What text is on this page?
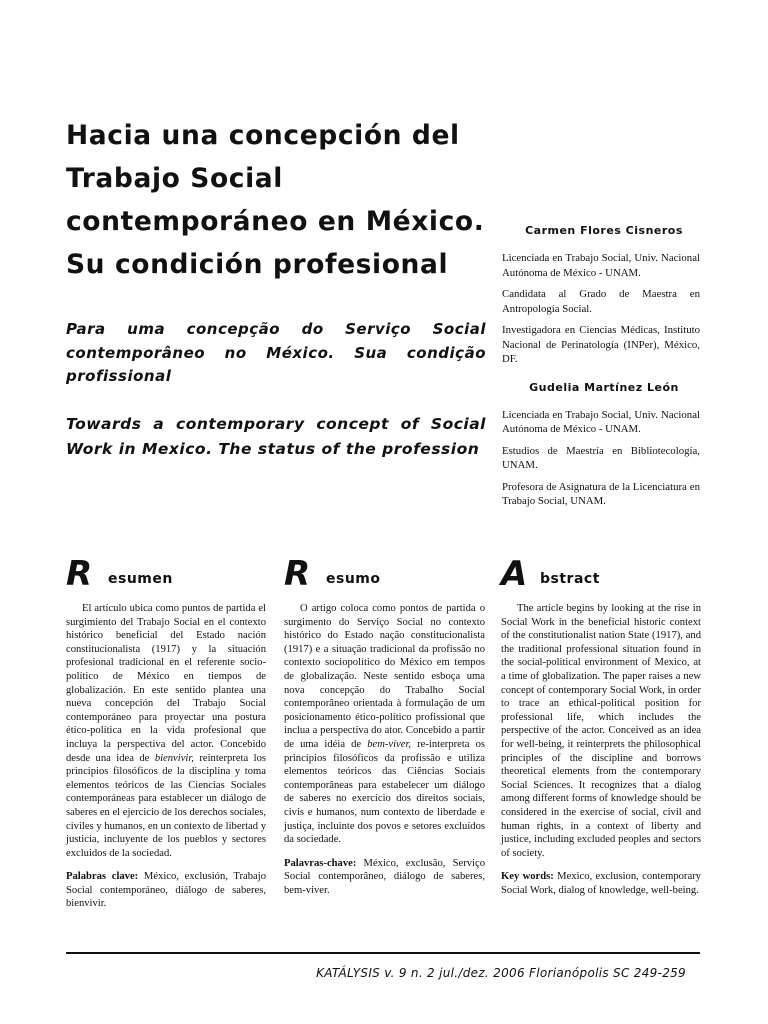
Hacia una concepción del Trabajo Social contemporáneo en México. Su condición profesional
Para uma concepção do Serviço Social contemporâneo no México. Sua condição profissional
Towards a contemporary concept of Social Work in Mexico. The status of the profession

Carmen Flores Cisneros

Licenciada en Trabajo Social, Univ. Nacional Autónoma de México - UNAM.

Candidata al Grado de Maestra en Antropología Social.

Investigadora en Ciencias Médicas, Instituto Nacional de Perinatología (INPer), México, DF.

Gudelia Martínez León

Licenciada en Trabajo Social, Univ. Nacional Autónoma de México - UNAM.

Estudios de Maestría en Bibliotecología, UNAM.

Profesora de Asignatura de la Licenciatura en Trabajo Social, UNAM.

R esumen

El artículo ubica como puntos de partida el surgimiento del Trabajo Social en el contexto histórico beneficial del Estado nación constitucionalista (1917) y la situación profesional tradicional en el referente socio-político de México en tiempos de globalización. En este sentido plantea una nueva concepción del Trabajo Social contemporáneo para proyectar una postura ético-política en la vida profesional que incluya la perspectiva del actor. Concebido desde una idea de bienvivir, reinterpreta los principios filosóficos de la disciplina y toma elementos teóricos de las Ciencias Sociales contemporáneas para establecer un diálogo de saberes en el ejercicio de los derechos sociales, civiles y humanos, en un contexto de libertad y justicia, incluyente de los pueblos y sectores excluidos de la sociedad.

Palabras clave: México, exclusión, Trabajo Social contemporáneo, diálogo de saberes, bienvivir.

R esumo

O artigo coloca como pontos de partida o surgimento do Serviço Social no contexto histórico do Estado nação constitucionalista (1917) e a situação tradicional da profissão no contexto sociopolítico do México em tempos de globalização. Neste sentido esboça uma nova concepção do Trabalho Social contemporâneo orientada à formulação de um posicionamento ético-político profissional que inclua a perspectiva do ator. Concebido a partir de uma idéia de bem-viver, re-interpreta os princípios filosóficos da profissão e utiliza elementos teóricos das Ciências Sociais contemporâneas para estabelecer um diálogo de saberes no exercício dos direitos sociais, civis e humanos, num contexto de liberdade e justiça, incluinte dos povos e setores excluídos da sociedade.

Palavras-chave: México, exclusão, Serviço Social contemporâneo, diálogo de saberes, bem-viver.

A bstract

The article begins by looking at the rise in Social Work in the beneficial historic context of the constitutionalist nation State (1917), and the traditional professional situation found in the social-political environment of Mexico, at a time of globalization. The paper raises a new concept of contemporary Social Work, in order to trace an ethical-political position for professional life, which includes the perspective of the actor. Conceived as an idea for well-being, it reinterprets the philosophical principles of the discipline and borrows theoretical elements from the contemporary Social Sciences. It recognizes that a dialog among different forms of knowledge should be considered in the exercise of social, civil and human rights, in a context of liberty and justice, including excluded peoples and sectors of society.

Key words: Mexico, exclusion, contemporary Social Work, dialog of knowledge, well-being.

KATÁLYSIS v. 9 n. 2 jul./dez. 2006 Florianópolis SC 249-259
